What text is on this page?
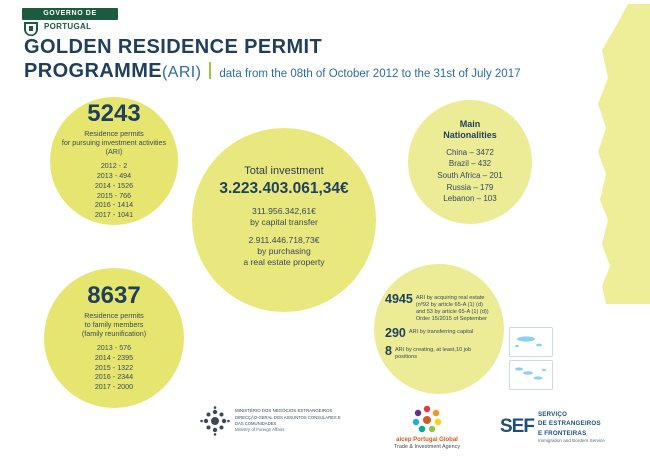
GOVERNO DE
PORTUGAL
GOLDEN RESIDENCE PERMIT
PROGRAMME(ARI) data from the 08th of October 2012 to the 31st of July 2017
5243
Residence permits
for pursuing investment activities
(ARI)
2012 - 2
2013 - 494
2014 - 1526
2015 - 766
2016 - 1414
2017 - 1041
8637
Residence permits
to family members
(family reunification)
2013 - 576
2014 - 2395
2015 - 1322
2016 - 2344
2017 - 2000
Total investment
3.223.403.061,34€
311.956.342,61€
by capital transfer
2.911.446.718,73€
by purchasing
a real estate property
Main
Nationalities
China – 3472
Brazil – 432
South Africa – 201
Russia – 179
Lebanon – 103
4945 ARI by acquiring real estate (nº92 by article 65-A (1) (d) and 53 by article 65-A (1) (d)) Order 15/2015 of September
290 ARI by transferring capital
8 ARI by creating, at least,10 job positions
MINISTÉRIO DOS NEGÓCIOS ESTRANGEIROS
DIRECÇÃO-GERAL DOS ASSUNTOS CONSULARES E
DAS COMUNIDADES
Ministry of Foreign Affairs
aicep Portugal Global
Trade & Investment Agency
SEF
SERVIÇO
DE ESTRANGEIROS
E FRONTEIRAS
Immigration and Borders Service
